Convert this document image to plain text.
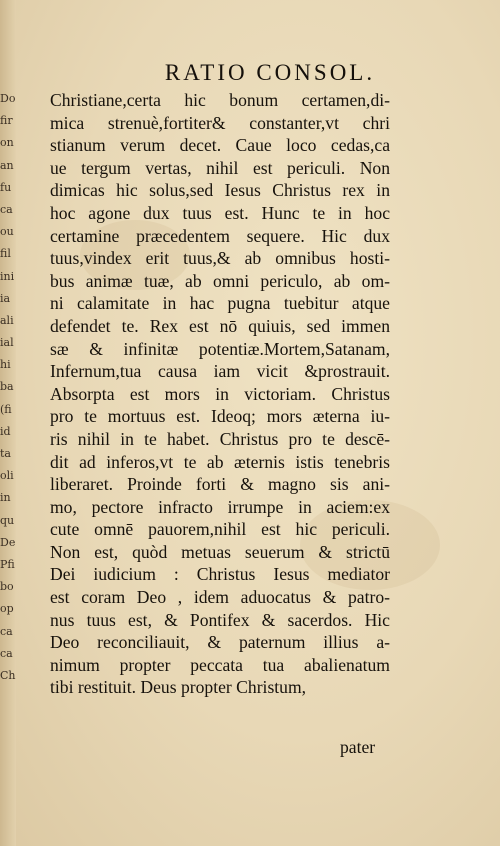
Do
fir
on
an
fu
ca
ou
fil
ini
ia
ali
ial
hi
ba
(fi
id
ta
oli
in
qu
De
Pfi
bo
op
ca
ca
Ch
RATIO CONSOL.
Christiane,certa hic bonum certamen,di-
mica strenuè,fortiter& constanter,vt chri
stianum verum decet. Caue loco cedas,ca
ue tergum vertas, nihil est periculi. Non
dimicas hic solus,sed Iesus Christus rex in
hoc agone dux tuus est. Hunc te in hoc
certamine præcedentem sequere. Hic dux
tuus,vindex erit tuus,& ab omnibus hosti-
bus animæ tuæ, ab omni periculo, ab om-
ni calamitate in hac pugna tuebitur atque
defendet te. Rex est nō quiuis, sed immen
sæ & infinitæ potentiæ.Mortem,Satanam,
Infernum,tua causa iam vicit &prostrauit.
Absorpta est mors in victoriam. Christus
pro te mortuus est. Ideoq; mors æterna iu-
ris nihil in te habet. Christus pro te descē-
dit ad inferos,vt te ab æternis istis tenebris
liberaret. Proinde forti & magno sis ani-
mo, pectore infracto irrumpe in aciem:ex
cute omnē pauorem,nihil est hic periculi.
Non est, quòd metuas seuerum & strictū
Dei iudicium : Christus Iesus mediator
est coram Deo , idem aduocatus & patro-
nus tuus est, & Pontifex & sacerdos. Hic
Deo reconciliauit, & paternum illius a-
nimum propter peccata tua abalienatum
tibi restituit. Deus propter Christum,
pater
